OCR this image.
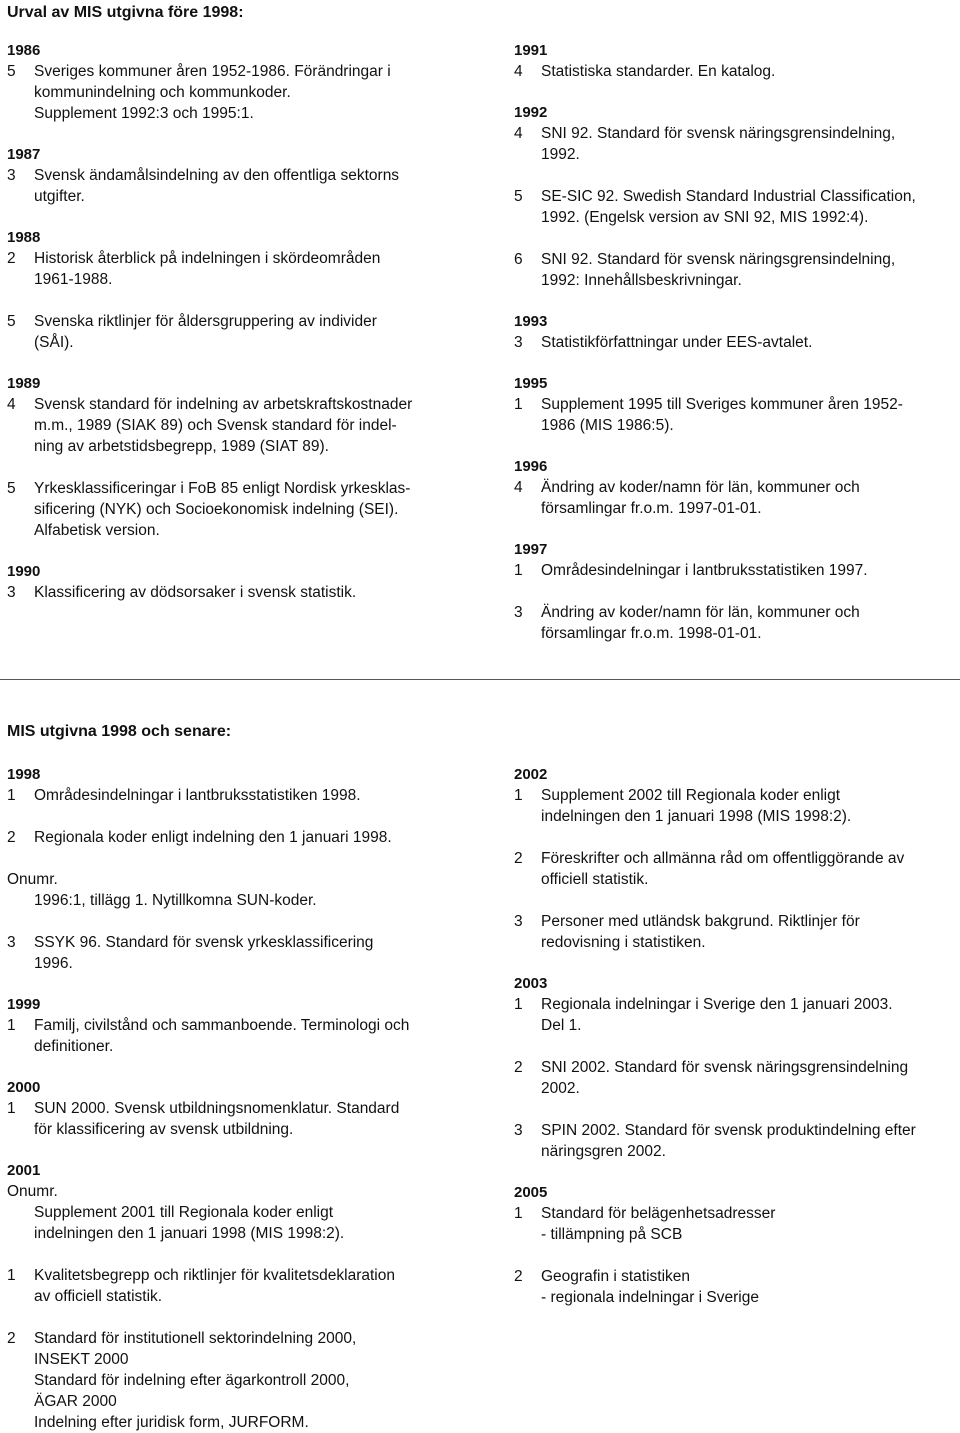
Urval av MIS utgivna före 1998:
1986
5	Sveriges kommuner åren 1952-1986. Förändringar i
kommunindelning och kommunkoder.
Supplement 1992:3 och 1995:1.
1987
3	Svensk ändamålsindelning av den offentliga sektorns
utgifter.
1988
2	Historisk återblick på indelningen i skördeområden
1961-1988.
5	Svenska riktlinjer för åldersgruppering av individer
(SÅI).
1989
4	Svensk standard för indelning av arbetskraftskostnader
m.m., 1989 (SIAK 89) och Svensk standard för indel-
ning av arbetstidsbegrepp, 1989 (SIAT 89).
5	Yrkesklassificeringar i FoB 85 enligt Nordisk yrkesklas-
sificering (NYK) och Socioekonomisk indelning (SEI).
Alfabetisk version.
1990
3	Klassificering av dödsorsaker i svensk statistik.
1991
4	Statistiska standarder. En katalog.
1992
4	SNI 92. Standard för svensk näringsgrensindelning,
1992.
5	SE-SIC 92. Swedish Standard Industrial Classification,
1992. (Engelsk version av SNI 92, MIS 1992:4).
6	SNI 92. Standard för svensk näringsgrensindelning,
1992: Innehållsbeskrivningar.
1993
3	Statistikförfattningar under EES-avtalet.
1995
1	Supplement 1995 till Sveriges kommuner åren 1952-
1986 (MIS 1986:5).
1996
4	Ändring av koder/namn för län, kommuner och
församlingar fr.o.m. 1997-01-01.
1997
1	Områdesindelningar i lantbruksstatistiken 1997.
3	Ändring av koder/namn för län, kommuner och
församlingar fr.o.m. 1998-01-01.
MIS utgivna 1998 och senare:
1998
1	Områdesindelningar i lantbruksstatistiken 1998.
2	Regionala koder enligt indelning den 1 januari 1998.
Onumr.
1996:1, tillägg 1. Nytillkomna SUN-koder.
3	SSYK 96. Standard för svensk yrkesklassificering
1996.
1999
1	Familj, civilstånd och sammanboende. Terminologi och
definitioner.
2000
1	SUN 2000. Svensk utbildningsnomenklatur. Standard
för klassificering av svensk utbildning.
2001
Onumr.
Supplement 2001 till Regionala koder enligt
indelningen den 1 januari 1998 (MIS 1998:2).
1	Kvalitetsbegrepp och riktlinjer för kvalitetsdeklaration
av officiell statistik.
2	Standard för institutionell sektorindelning 2000,
INSEKT 2000
Standard för indelning efter ägarkontroll 2000,
ÄGAR 2000
Indelning efter juridisk form, JURFORM.
2002
1	Supplement 2002 till Regionala koder enligt
indelningen den 1 januari 1998 (MIS 1998:2).
2	Föreskrifter och allmänna råd om offentliggörande av
officiell statistik.
3	Personer med utländsk bakgrund. Riktlinjer för
redovisning i statistiken.
2003
1	Regionala indelningar i Sverige den 1 januari 2003.
Del 1.
2	SNI 2002. Standard för svensk näringsgrensindelning
2002.
3	SPIN 2002. Standard för svensk produktindelning efter
näringsgren 2002.
2005
1	Standard för belägenhetsadresser
- tillämpning på SCB
2	Geografin i statistiken
- regionala indelningar i Sverige
